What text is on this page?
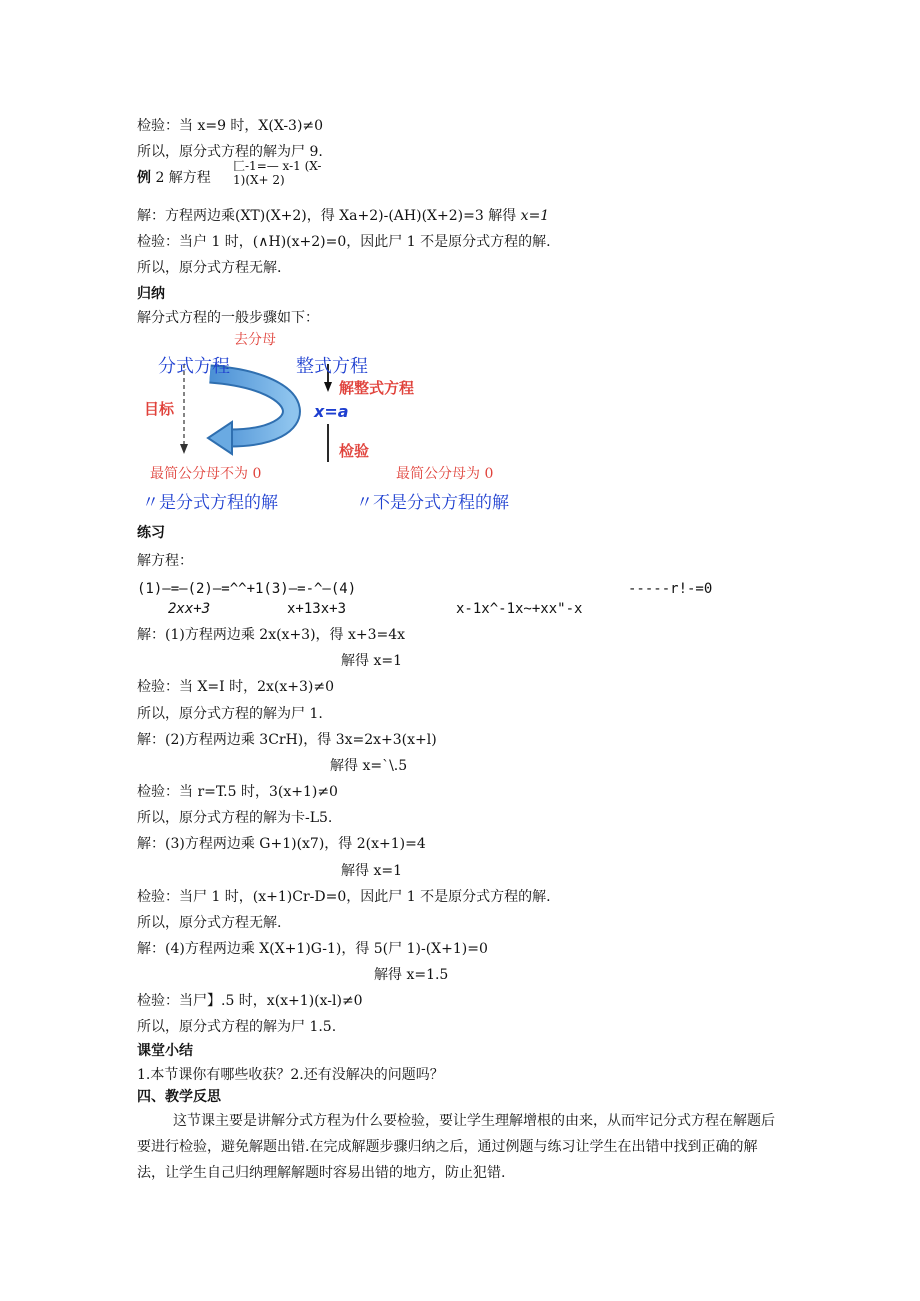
检验：当 x=9 时，X(X-3)≠0
所以，原分式方程的解为尸 9.
匚-1=— x-1 (X-
例 2 解方程 1)(X+ 2)
解：方程两边乘(XT)(X+2)，得 Xa+2)-(AH)(X+2)=3 解得 x=1
检验：当户 1 时，(∧H)(x+2)=0，因此尸 1 不是原分式方程的解.
所以，原分式方程无解.
归纳
解分式方程的一般步骤如下：
去分母
分式方程	整式方程
目标
解整式方程
x=a
检验
最简公分母不为 0	最简公分母为 0
〃是分式方程的解	〃不是分式方程的解
练习
解方程：
(1)—=—(2)—=^^+1(3)—=-^—(4)	-----r!-=0
2xx+3	x+13x+3	x-1x^-1x~+xx"-x
解：(1)方程两边乘 2x(x+3)，得 x+3=4x
解得 x=1
检验：当 X=I 时，2x(x+3)≠0
所以，原分式方程的解为尸 1.
解：(2)方程两边乘 3CrH)，得 3x=2x+3(x+l)
解得 x=`\.5
检验：当 r=T.5 时，3(x+1)≠0
所以，原分式方程的解为卡-L5.
解：(3)方程两边乘 G+1)(x7)，得 2(x+1)=4
解得 x=1
检验：当尸 1 时，(x+1)Cr-D=0，因此尸 1 不是原分式方程的解.
所以，原分式方程无解.
解：(4)方程两边乘 X(X+1)G-1)，得 5(尸 1)-(X+1)=0
解得 x=1.5
检验：当尸】.5 时，x(x+1)(x-l)≠0
所以，原分式方程的解为尸 1.5.
课堂小结
1.本节课你有哪些收获？2.还有没解决的问题吗？
四、教学反思
这节课主要是讲解分式方程为什么要检验，要让学生理解增根的由来，从而牢记分式方程在解题后要进行检验，避免解题出错.在完成解题步骤归纳之后，通过例题与练习让学生在出错中找到正确的解法，让学生自己归纳理解解题时容易出错的地方，防止犯错.
